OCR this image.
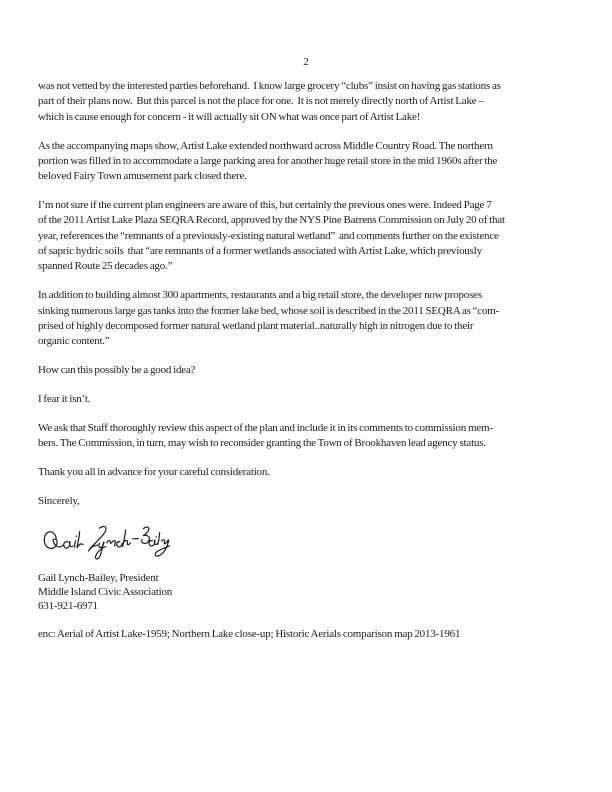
2

was not vetted by the interested parties beforehand.  I know large grocery “clubs” insist on having gas stations as
part of their plans now.  But this parcel is not the place for one.  It is not merely directly north of Artist Lake –
which is cause enough for concern - it will actually sit ON what was once part of Artist Lake!

As the accompanying maps show, Artist Lake extended northward across Middle Country Road. The northern
portion was filled in to accommodate a large parking area for another huge retail store in the mid 1960s after the
beloved Fairy Town amusement park closed there.

I’m not sure if the current plan engineers are aware of this, but certainly the previous ones were. Indeed Page 7
of the 2011 Artist Lake Plaza SEQRA Record, approved by the NYS Pine Barrens Commission on July 20 of that
year, references the “remnants of a previously-existing natural wetland”  and comments further on the existence
of sapric hydric soils  that “are remnants of a former wetlands associated with Artist Lake, which previously
spanned Route 25 decades ago.”

In addition to building almost 300 apartments, restaurants and a big retail store, the developer now proposes
sinking numerous large gas tanks into the former lake bed, whose soil is described in the 2011 SEQRA as “com-
prised of highly decomposed former natural wetland plant material..naturally high in nitrogen due to their
organic content.”

How can this possibly be a good idea?

I fear it isn’t.

We ask that Staff thoroughly review this aspect of the plan and include it in its comments to commission mem-
bers. The Commission, in turn, may wish to reconsider granting the Town of Brookhaven lead agency status.

Thank you all in advance for your careful consideration.

Sincerely,

Gail Lynch-Bailey, President
Middle Island Civic Association
631-921-6971

enc: Aerial of Artist Lake-1959; Northern Lake close-up; Historic Aerials comparison map 2013-1961
